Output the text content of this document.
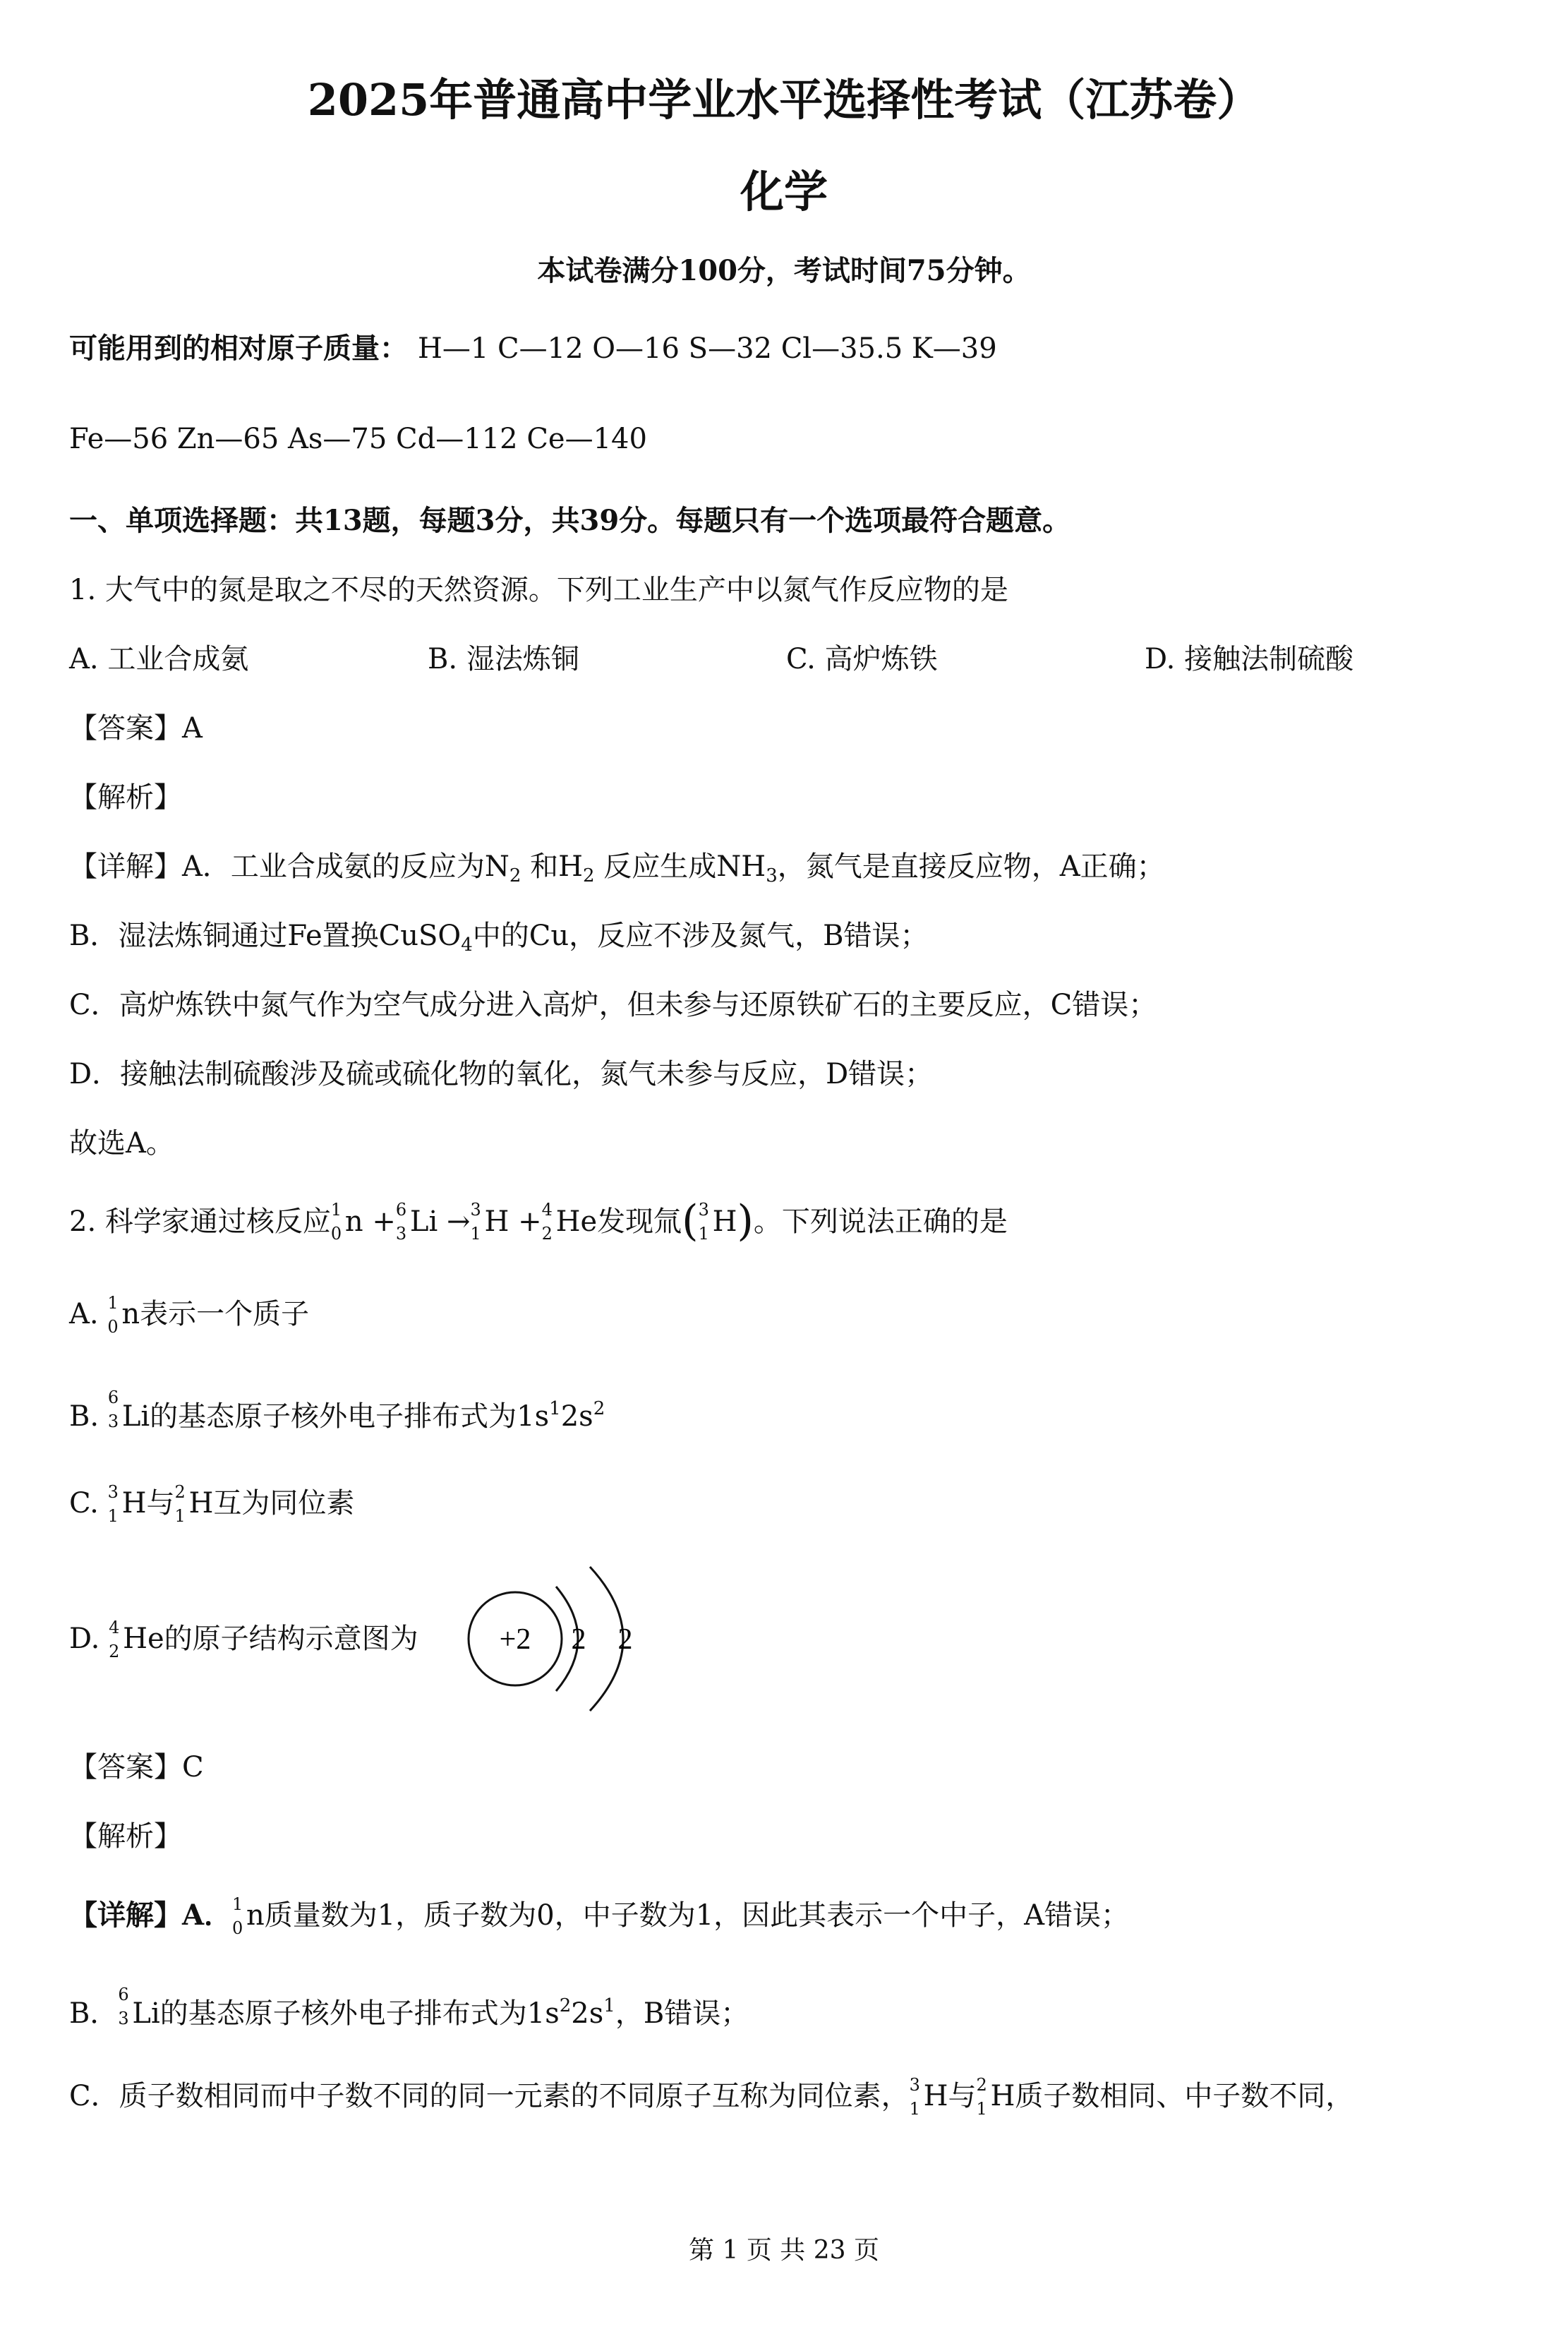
2025年普通高中学业水平选择性考试（江苏卷）
化学
本试卷满分100分，考试时间75分钟。
可能用到的相对原子质量： H—1 C—12 O—16 S—32 Cl—35.5 K—39
Fe—56 Zn—65 As—75 Cd—112 Ce—140
一、单项选择题：共13题，每题3分，共39分。每题只有一个选项最符合题意。
1. 大气中的氮是取之不尽的天然资源。下列工业生产中以氮气作反应物的是
A. 工业合成氨	B. 湿法炼铜	C. 高炉炼铁	D. 接触法制硫酸
【答案】A
【解析】
【详解】A．工业合成氨的反应为$N_2$ 和$H_2$ 反应生成$NH_3$，氮气是直接反应物，A正确；
B．湿法炼铜通过Fe置换CuSO$_4$中的Cu，反应不涉及氮气，B错误；
C．高炉炼铁中氮气作为空气成分进入高炉，但未参与还原铁矿石的主要反应，C错误；
D．接触法制硫酸涉及硫或硫化物的氧化，氮气未参与反应，D错误；
故选A。
2. 科学家通过核反应 1
0 n + 6
3 Li → 3
1 H + 4
2 He发现氚( 3
1 H)。下列说法正确的是
A. 1
0 n表示一个质子
B.
6
3 Li的基态原子核外电子排布式为$1s^12s^2$
C. 3
1 H与 2
1 H互为同位素
D. 4
2 He的原子结构示意图为	+2 2 2
【答案】C
【解析】
【详解】A． 1
0 n质量数为1，质子数为0，中子数为1，因此其表示一个中子，A错误；
B．
6
3 Li的基态原子核外电子排布式为$1s^22s^1$，B错误；
C．质子数相同而中子数不同的同一元素的不同原子互称为同位素， 3
1 H与 2
1 H质子数相同、中子数不同，
第 1 页 共 23 页
